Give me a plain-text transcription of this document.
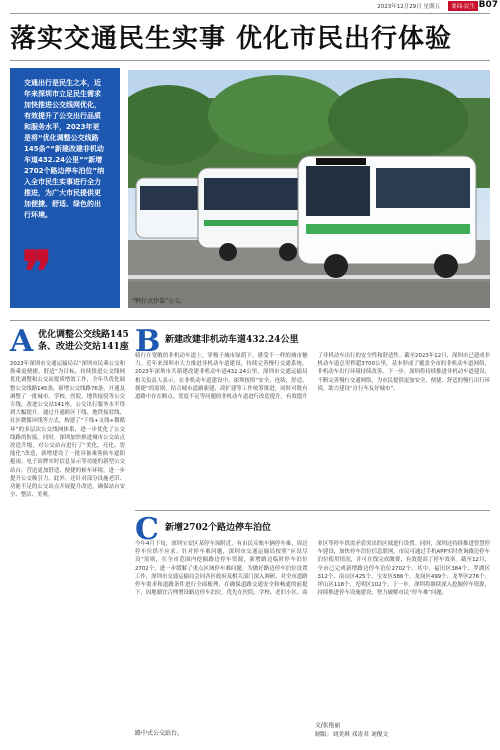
2023年12月29日 星期五	要闻·民生 B07
落实交通民生实事 优化市民出行体验

交通出行是民生之本，近年来深圳市立足民生需求加快推进公交线网优化，有效提升了公交出行品质和服务水平，2023年更是将“优化调整公交线路145条”“新建改建非机动车道432.24公里”“新增2702个路边停车泊位”纳入全市民生实事进行全力推进，为广大市民提供更加便捷、舒适、绿色的出行环境。

❞	“鸭仔式停靠”公交。
A 优化调整公交线路145条、改进公交站141座
2023年深圳市交通运输局以“深圳市民乘公交和换乘更便捷、舒适”为目标，持续推进公交线网优化调整和公交站提质增效工作，全年共优化调整公交线路145条，新增公交线路76条，开通及调整了一批城市、学校、医院、地铁接驳等公交专线，改进公交站141座，公交出行服务水平得到大幅提升。通过开通跨区干线、地铁接驳线、社区微循环线等方式，构建了“干线+支线+微循环”的多层次公交线网体系，进一步优化了公交线路的衔接。同时，深圳加快推进城市公交站点改造升级，对公交站台进行了“美化、亮化、智能化”改造，新增建设了一批具备乘客候车遮阳避雨、电子站牌实时信息显示等功能的新型公交站台，营造更加舒适、便捷的候车环境，进一步提升公交吸引力。此外，还针对部分设施老旧、功能不足的公交站点开展提升改造，确保站台安全、整洁、美观。
B 新建改建非机动车道432.24公里
骑行在宽敞的非机动车道上，穿梭于城市绿荫下，感受不一样的城市魅力。近年来深圳市大力推进非机动车道建设，持续完善慢行交通系统，2023年深圳市共新建改建非机动车道432.24公里。深圳市交通运输局相关负责人表示，在非机动车道建设中，深圳按照“安全、连续、舒适、便捷”的原则，结合城市道路新建、改扩建等工作统筹推进，同时对既有道路中存在断点、宽度不足等问题的非机动车道进行改造提升，有效提升了非机动车出行的安全性和舒适性。截至2023年12月，深圳市已建成非机动车道总里程超3700公里，基本形成了覆盖全市的非机动车道网络，非机动车出行环境持续改善。下一步，深圳将持续推进非机动车道建设，不断完善慢行交通网络，为市民提供更加安全、便捷、舒适的慢行出行环境，助力建设“自行车友好城市”。
C 新增2702个路边停车泊位
今年4月下旬，深圳宝安区某停车场附近，有市民反映车辆停车难，周边停车位供不应求。针对停车难问题，深圳市交通运输局按照“应设尽设”原则，在全市范围内挖掘路边停车资源，新增路边临时停车泊位2702个，进一步缓解了重点区域停车难问题。为做好路边停车泊位设置工作，深圳市交通运输局会同各区政府及相关部门深入调研，对全市道路停车需求和道路条件进行全面梳理，在确保道路交通安全和畅通的前提下，因地制宜合理增设路边停车泊位，优先在医院、学校、老旧小区、商业区等停车供需矛盾突出的区域进行设置。同时，深圳还持续推进智慧停车建设，加快停车泊位信息联网，市民可通过手机APP实时查询路边停车泊位使用情况，并可在线完成缴费，有效提高了停车效率。截至12月，全市已完成新增路边停车泊位2702个，其中，福田区384个、罗湖区312个、南山区425个、宝安区586个、龙岗区499个、龙华区276个、坪山区118个、光明区102个。下一步，深圳将继续深入挖掘停车资源，持续推进停车设施建设，努力破解市民“停车难”问题。
文/张艳丽
制版：刘美琪 邓涛君 刘俊文
路中式公交站台。
